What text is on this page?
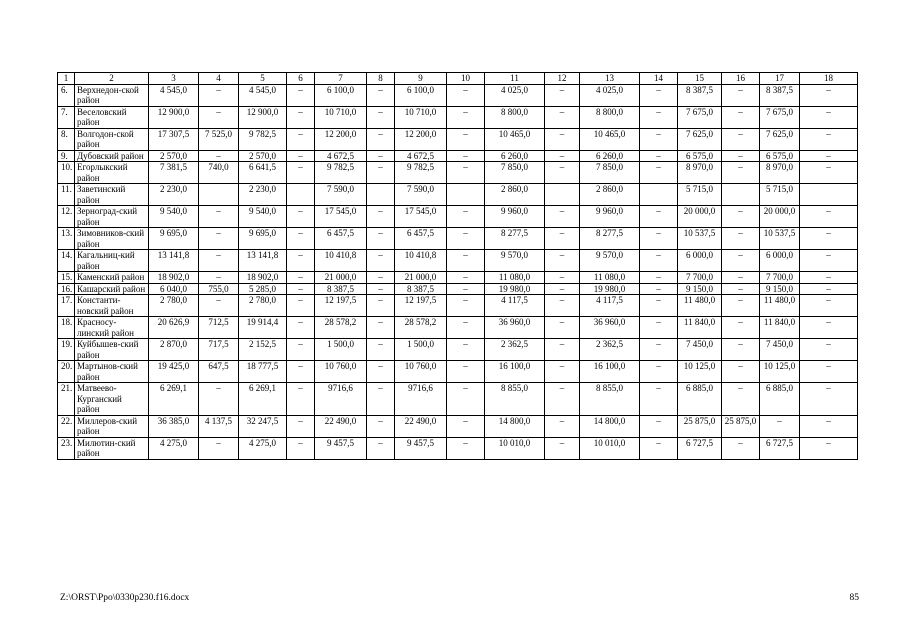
1	2	3	4	5	6	7	8	9	10	11	12	13	14	15	16	17	18
6.	Верхнедон-ской район	4 545,0	–	4 545,0	–	6 100,0	–	6 100,0	–	4 025,0	–	4 025,0	–	8 387,5	–	8 387,5	–
7.	Веселовский район	12 900,0	–	12 900,0	–	10 710,0	–	10 710,0	–	8 800,0	–	8 800,0	–	7 675,0	–	7 675,0	–
8.	Волгодон-ской район	17 307,5	7 525,0	9 782,5	–	12 200,0	–	12 200,0	–	10 465,0	–	10 465,0	–	7 625,0	–	7 625,0	–
9.	Дубовский район	2 570,0	–	2 570,0	–	4 672,5	–	4 672,5	–	6 260,0	–	6 260,0	–	6 575,0	–	6 575,0	–
10.	Егорлыкский район	7 381,5	740,0	6 641,5	–	9 782,5	–	9 782,5	–	7 850,0	–	7 850,0	–	8 970,0	–	8 970,0	–
11.	Заветинский район	2 230,0		2 230,0		7 590,0		7 590,0		2 860,0		2 860,0		5 715,0		5 715,0	
12.	Зерноград-ский район	9 540,0	–	9 540,0	–	17 545,0	–	17 545,0	–	9 960,0	–	9 960,0	–	20 000,0	–	20 000,0	–
13.	Зимовников-ский район	9 695,0	–	9 695,0	–	6 457,5	–	6 457,5	–	8 277,5	–	8 277,5	–	10 537,5	–	10 537,5	–
14.	Кагальниц-кий район	13 141,8	–	13 141,8	–	10 410,8	–	10 410,8	–	9 570,0	–	9 570,0	–	6 000,0	–	6 000,0	–
15.	Каменский район	18 902,0	–	18 902,0	–	21 000,0	–	21 000,0	–	11 080,0	–	11 080,0	–	7 700,0	–	7 700,0	–
16.	Кашарский район	6 040,0	755,0	5 285,0	–	8 387,5	–	8 387,5	–	19 980,0	–	19 980,0	–	9 150,0	–	9 150,0	–
17.	Константи-новский район	2 780,0	–	2 780,0	–	12 197,5	–	12 197,5	–	4 117,5	–	4 117,5	–	11 480,0	–	11 480,0	–
18.	Красносу-линский район	20 626,9	712,5	19 914,4	–	28 578,2	–	28 578,2	–	36 960,0	–	36 960,0	–	11 840,0	–	11 840,0	–
19.	Куйбышев-ский район	2 870,0	717,5	2 152,5	–	1 500,0	–	1 500,0	–	2 362,5	–	2 362,5	–	7 450,0	–	7 450,0	–
20.	Мартынов-ский район	19 425,0	647,5	18 777,5	–	10 760,0	–	10 760,0	–	16 100,0	–	16 100,0	–	10 125,0	–	10 125,0	–
21.	Матвеево-Курганский район	6 269,1	–	6 269,1	–	9716,6	–	9716,6	–	8 855,0	–	8 855,0	–	6 885,0	–	6 885,0	–
22.	Миллеров-ский район	36 385,0	4 137,5	32 247,5	–	22 490,0	–	22 490,0	–	14 800,0	–	14 800,0	–	25 875,0	25 875,0	–	–
23.	Милютин-ский район	4 275,0	–	4 275,0	–	9 457,5	–	9 457,5	–	10 010,0	–	10 010,0	–	6 727,5	–	6 727,5	–
Z:\ORST\Ppo\0330p230.f16.docx	85
